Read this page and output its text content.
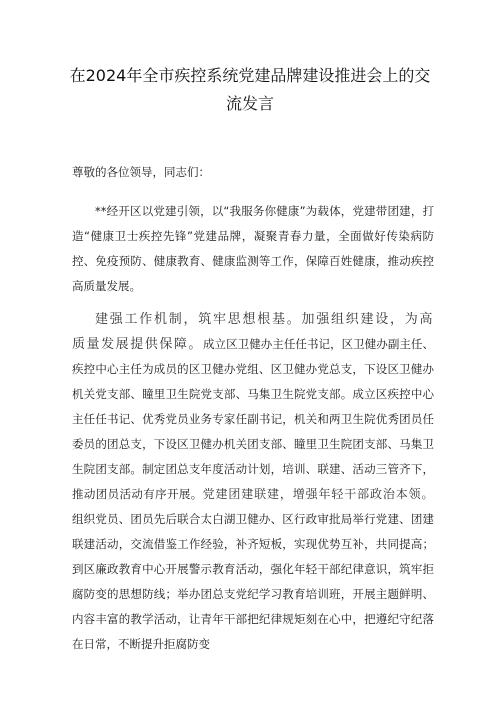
在2024年全市疾控系统党建品牌建设推进会上的交
流发言
尊敬的各位领导，同志们：
**经开区以党建引领，以“我服务你健康”为载体，党建带团建，打造“健康卫士疾控先锋”党建品牌，凝聚青春力量，全面做好传染病防控、免疫预防、健康教育、健康监测等工作，保障百姓健康，推动疾控高质量发展。
建强工作机制，筑牢思想根基。加强组织建设，为高质量发展提供保障。成立区卫健办主任任书记，区卫健办副主任、疾控中心主任为成员的区卫健办党组、区卫健办党总支，下设区卫健办机关党支部、瞳里卫生院党支部、马集卫生院党支部。成立区疾控中心主任任书记、优秀党员业务专家任副书记，机关和两卫生院优秀团员任委员的团总支，下设区卫健办机关团支部、瞳里卫生院团支部、马集卫生院团支部。制定团总支年度活动计划，培训、联建、活动三管齐下，推动团员活动有序开展。党建团建联建，增强年轻干部政治本领。组织党员、团员先后联合太白湖卫健办、区行政审批局举行党建、团建联建活动，交流借鉴工作经验，补齐短板，实现优势互补，共同提高；到区廉政教育中心开展警示教育活动，强化年轻干部纪律意识，筑牢拒腐防变的思想防线；举办团总支党纪学习教育培训班，开展主题鲜明、内容丰富的教学活动，让青年干部把纪律规矩刻在心中，把遵纪守纪落在日常，不断提升拒腐防变
